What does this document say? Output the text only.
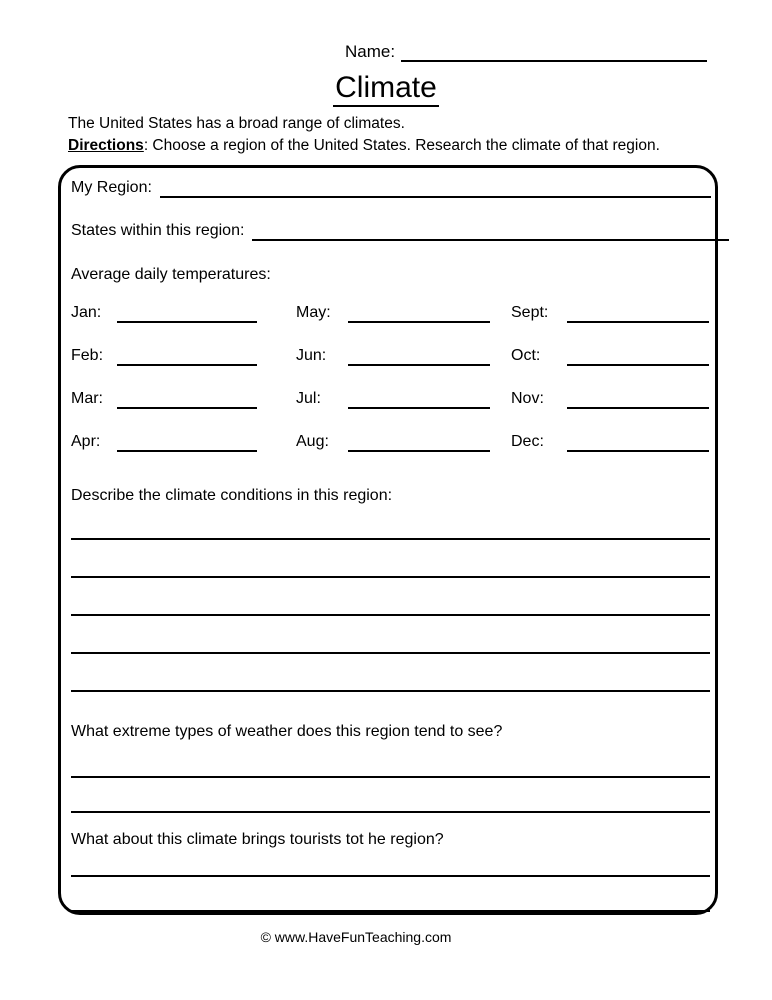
Name:
Climate
The United States has a broad range of climates.
Directions: Choose a region of the United States. Research the climate of that region.
My Region:
States within this region:
Average daily temperatures:
Jan:	May:	Sept:
Feb:	Jun:	Oct:
Mar:	Jul:	Nov:
Apr:	Aug:	Dec:
Describe the climate conditions in this region:
What extreme types of weather does this region tend to see?
What about this climate brings tourists tot he region?
© www.HaveFunTeaching.com
